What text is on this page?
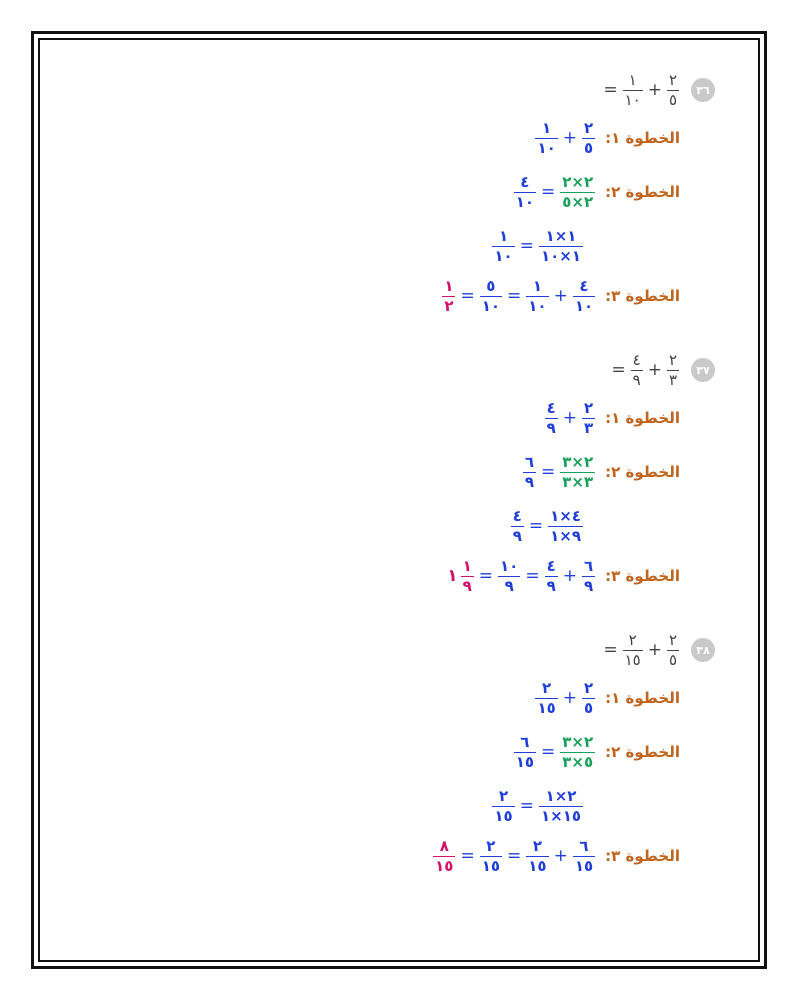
= $\frac{١}{١٠} + \frac{٢}{٥}$	٣٦
الخطوة ١:
$\frac{١}{١٠} + \frac{٢}{٥}$
الخطوة ٢:
$\frac{٤}{١٠} = \frac{٢\times ٢}{٢\times ٥}$
$\frac{١}{١٠} = \frac{١\times ١}{١\times ١٠}$
الخطوة ٣:
$\frac{١}{٢} = \frac{٥}{١٠} = \frac{١}{١٠} + \frac{٤}{١٠}$
= $\frac{٤}{٩} + \frac{٢}{٣}$	٣٧
الخطوة ١:
$\frac{٤}{٩} + \frac{٢}{٣}$
الخطوة ٢:
$\frac{٦}{٩} = \frac{٢\times ٣}{٣\times ٣}$
$\frac{٤}{٩} = \frac{٤\times ١}{٩\times ١}$
الخطوة ٣:
١ $\frac{١}{٩} = \frac{١٠}{٩} = \frac{٤}{٩} + \frac{٦}{٩}$
= $\frac{٢}{١٥} + \frac{٢}{٥}$	٣٨
الخطوة ١:
$\frac{٢}{١٥} + \frac{٢}{٥}$
الخطوة ٢:
$\frac{٦}{١٥} = \frac{٢\times ٣}{٥\times ٣}$
$\frac{٢}{١٥} = \frac{٢\times ١}{١٥\times ١}$
الخطوة ٣:
$\frac{٨}{١٥} = \frac{٢}{١٥} = \frac{٢}{١٥} + \frac{٦}{١٥}$
